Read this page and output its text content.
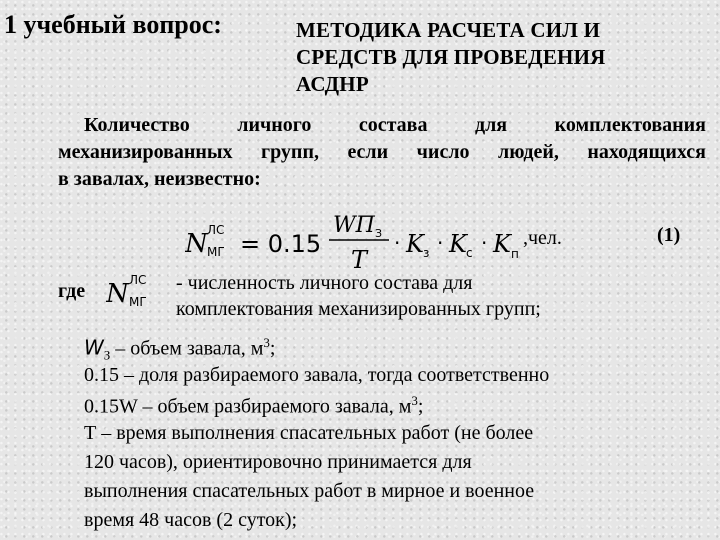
1 учебный вопрос:	МЕТОДИКА РАСЧЕТА СИЛ И
СРЕДСТВ ДЛЯ ПРОВЕДЕНИЯ
АСДНР
Количество личного состава для комплектования
механизированных групп, если число людей, находящихся
в завалах, неизвестно:
N ЛС
МГ = 0.15
WП З
T
· K з · K с · K п
,чел.	(1)
где N ЛС
МГ
- численность личного состава для
комплектования механизированных групп;
$W_З$ – объем завала, $м^3$;
0.15 – доля разбираемого завала, тогда соответственно
0.15W – объем разбираемого завала, $м^3$;
Т – время выполнения спасательных работ (не более
120 часов), ориентировочно принимается для
выполнения спасательных работ в мирное и военное
время 48 часов (2 суток);
